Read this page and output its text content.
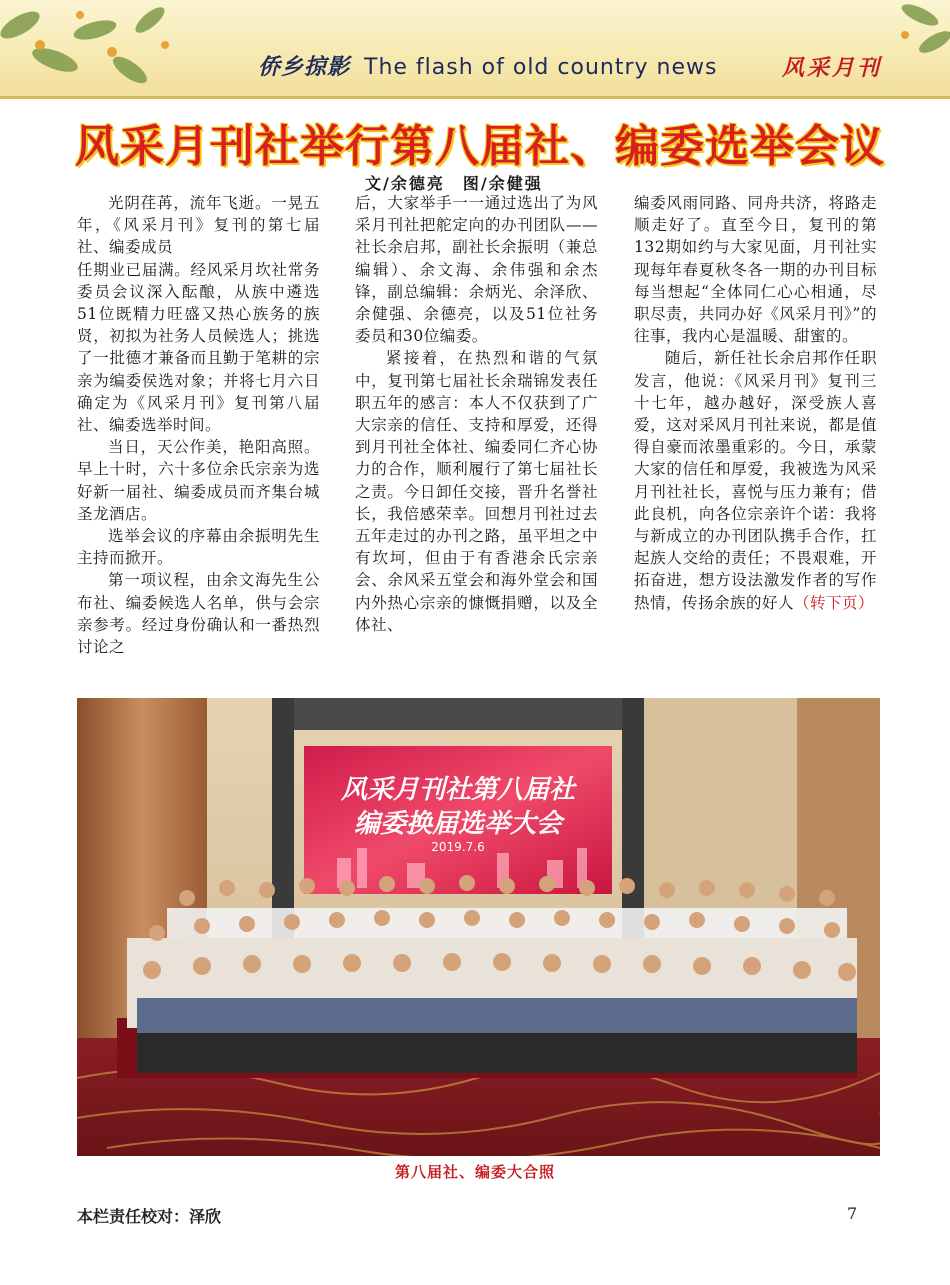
侨乡掠影 The flash of old country news	风采月刊
风采月刊社举行第八届社、编委选举会议
文/余德亮　图/余健强

光阴荏苒，流年飞逝。一晃五年，《风采月刊》复刊的第七届社、编委成员

任期业已届满。经风采月坎社常务委员会议深入酝酿，从族中遴选51位既精力旺盛又热心族务的族贤，初拟为社务人员候选人；挑选了一批德才兼备而且勤于笔耕的宗亲为编委侯选对象；并将七月六日确定为《风采月刊》复刊第八届社、编委选举时间。

当日，天公作美，艳阳高照。早上十时，六十多位余氏宗亲为选好新一届社、编委成员而齐集台城圣龙酒店。

选举会议的序幕由余振明先生主持而掀开。

第一项议程，由余文海先生公布社、编委候选人名单，供与会宗亲参考。经过身份确认和一番热烈讨论之

后，大家举手一一通过选出了为风采月刊社把舵定向的办刊团队——社长余启邦，副社长余振明（兼总编辑）、余文海、余伟强和余杰锋，副总编辑：余炳光、余泽欣、余健强、余德亮，以及51位社务委员和30位编委。

紧接着，在热烈和谐的气氛中，复刊第七届社长余瑞锦发表任职五年的感言：本人不仅获到了广大宗亲的信任、支持和厚爱，还得到月刊社全体社、编委同仁齐心协力的合作，顺利履行了第七届社长之责。今日卸任交接，晋升名誉社长，我倍感荣幸。回想月刊社过去五年走过的办刊之路，虽平坦之中有坎坷，但由于有香港余氏宗亲会、余风采五堂会和海外堂会和国内外热心宗亲的慷慨捐赠，以及全体社、

编委风雨同路、同舟共济，将路走顺走好了。直至今日，复刊的第132期如约与大家见面，月刊社实现每年春夏秋冬各一期的办刊目标每当想起“全体同仁心心相通，尽职尽责，共同办好《风采月刊》”的往事，我内心是温暖、甜蜜的。

随后，新任社长余启邦作任职发言，他说：《风采月刊》复刊三十七年，越办越好，深受族人喜爱，这对采风月刊社来说，都是值得自豪而浓墨重彩的。今日，承蒙大家的信任和厚爱，我被选为风采月刊社社长，喜悦与压力兼有；借此良机，向各位宗亲许个诺：我将与新成立的办刊团队携手合作，扛起族人交给的责任；不畏艰难，开拓奋进，想方设法激发作者的写作热情，传扬余族的好人（转下页）

风采月刊社第八届社
编委换届选举大会
2019.7.6
第八届社、编委大合照
本栏责任校对：泽欣	7
